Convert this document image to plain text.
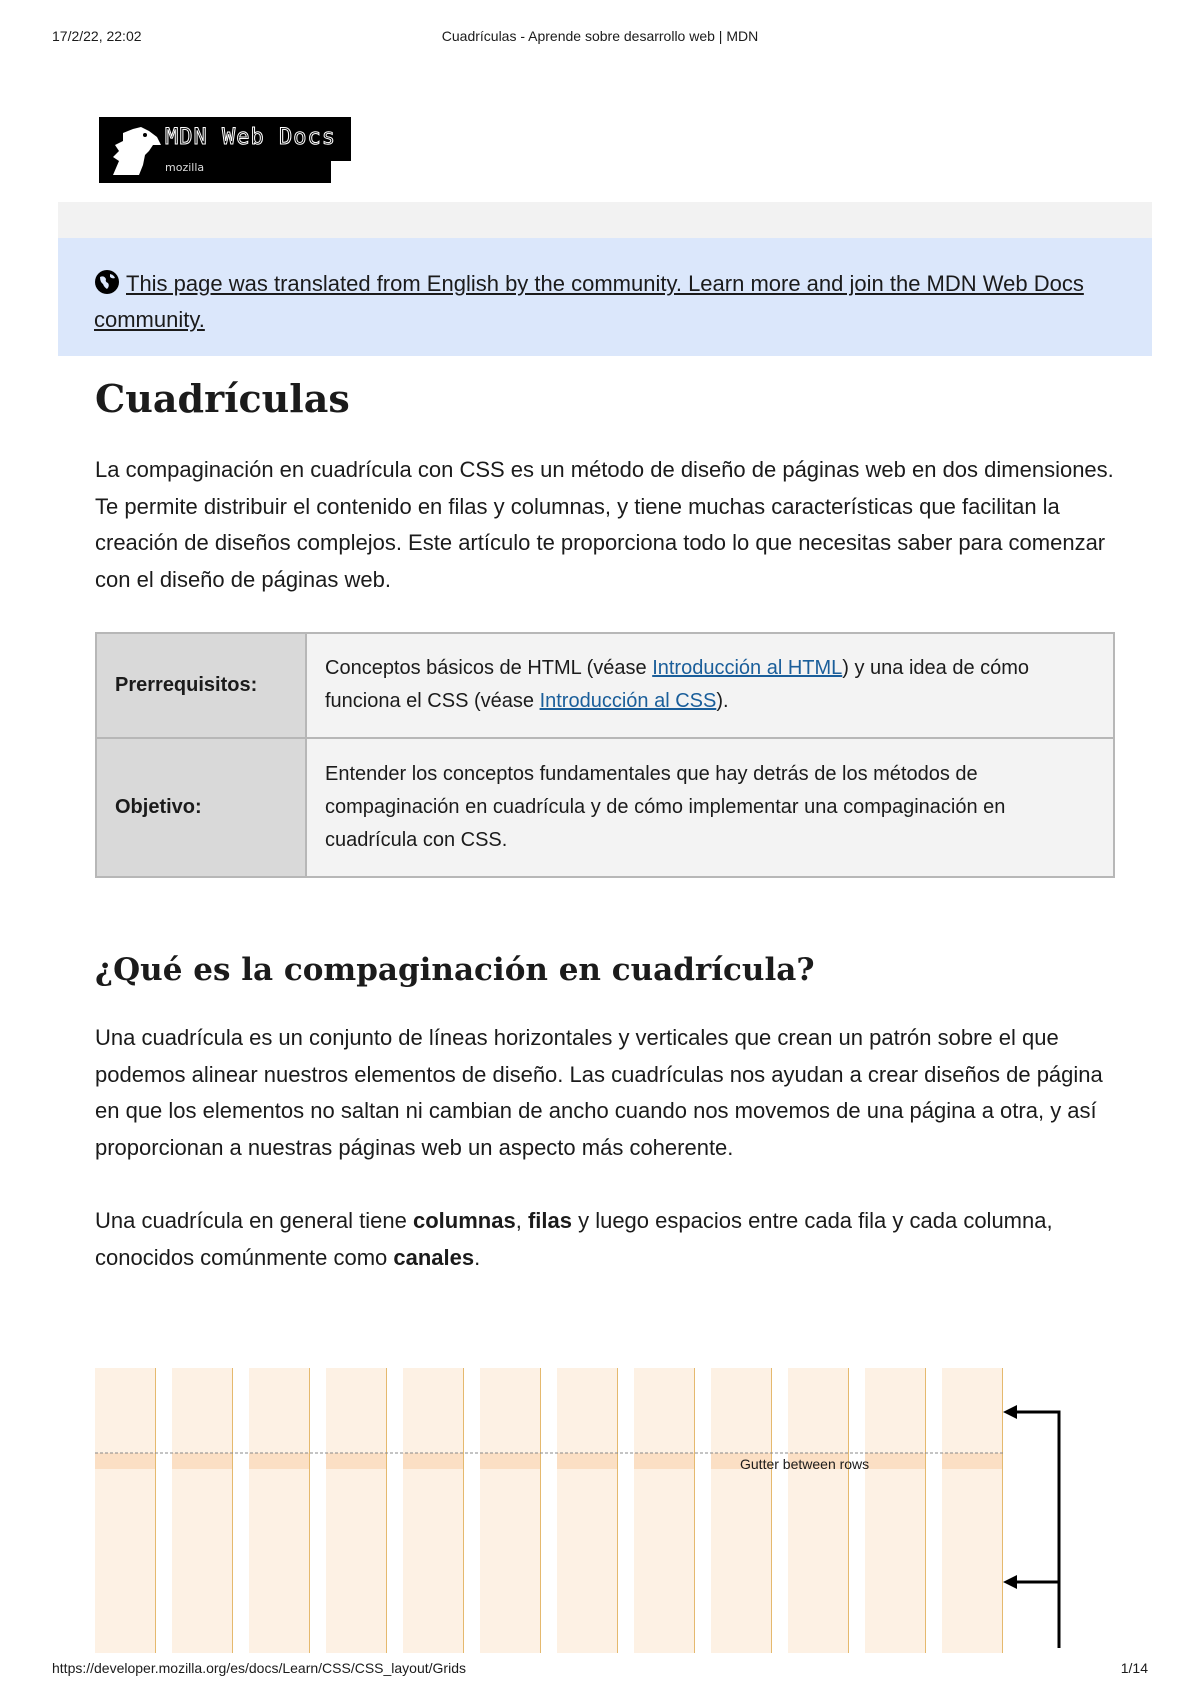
17/2/22, 22:02	Cuadrículas - Aprende sobre desarrollo web | MDN
MDN Web Docs
mozilla
This page was translated from English by the community. Learn more and join the MDN Web Docs community.
Cuadrículas

La compaginación en cuadrícula con CSS es un método de diseño de páginas web en dos dimensiones. Te permite distribuir el contenido en filas y columnas, y tiene muchas características que facilitan la creación de diseños complejos. Este artículo te proporciona todo lo que necesitas saber para comenzar con el diseño de páginas web.

Prerrequisitos:	Conceptos básicos de HTML (véase Introducción al HTML) y una idea de cómo funciona el CSS (véase Introducción al CSS).
Objetivo:	Entender los conceptos fundamentales que hay detrás de los métodos de compaginación en cuadrícula y de cómo implementar una compaginación en cuadrícula con CSS.
¿Qué es la compaginación en cuadrícula?

Una cuadrícula es un conjunto de líneas horizontales y verticales que crean un patrón sobre el que podemos alinear nuestros elementos de diseño. Las cuadrículas nos ayudan a crear diseños de página en que los elementos no saltan ni cambian de ancho cuando nos movemos de una página a otra, y así proporcionan a nuestras páginas web un aspecto más coherente.

Una cuadrícula en general tiene columnas, filas y luego espacios entre cada fila y cada columna, conocidos comúnmente como canales.

Gutter between rows
https://developer.mozilla.org/es/docs/Learn/CSS/CSS_layout/Grids	1/14
